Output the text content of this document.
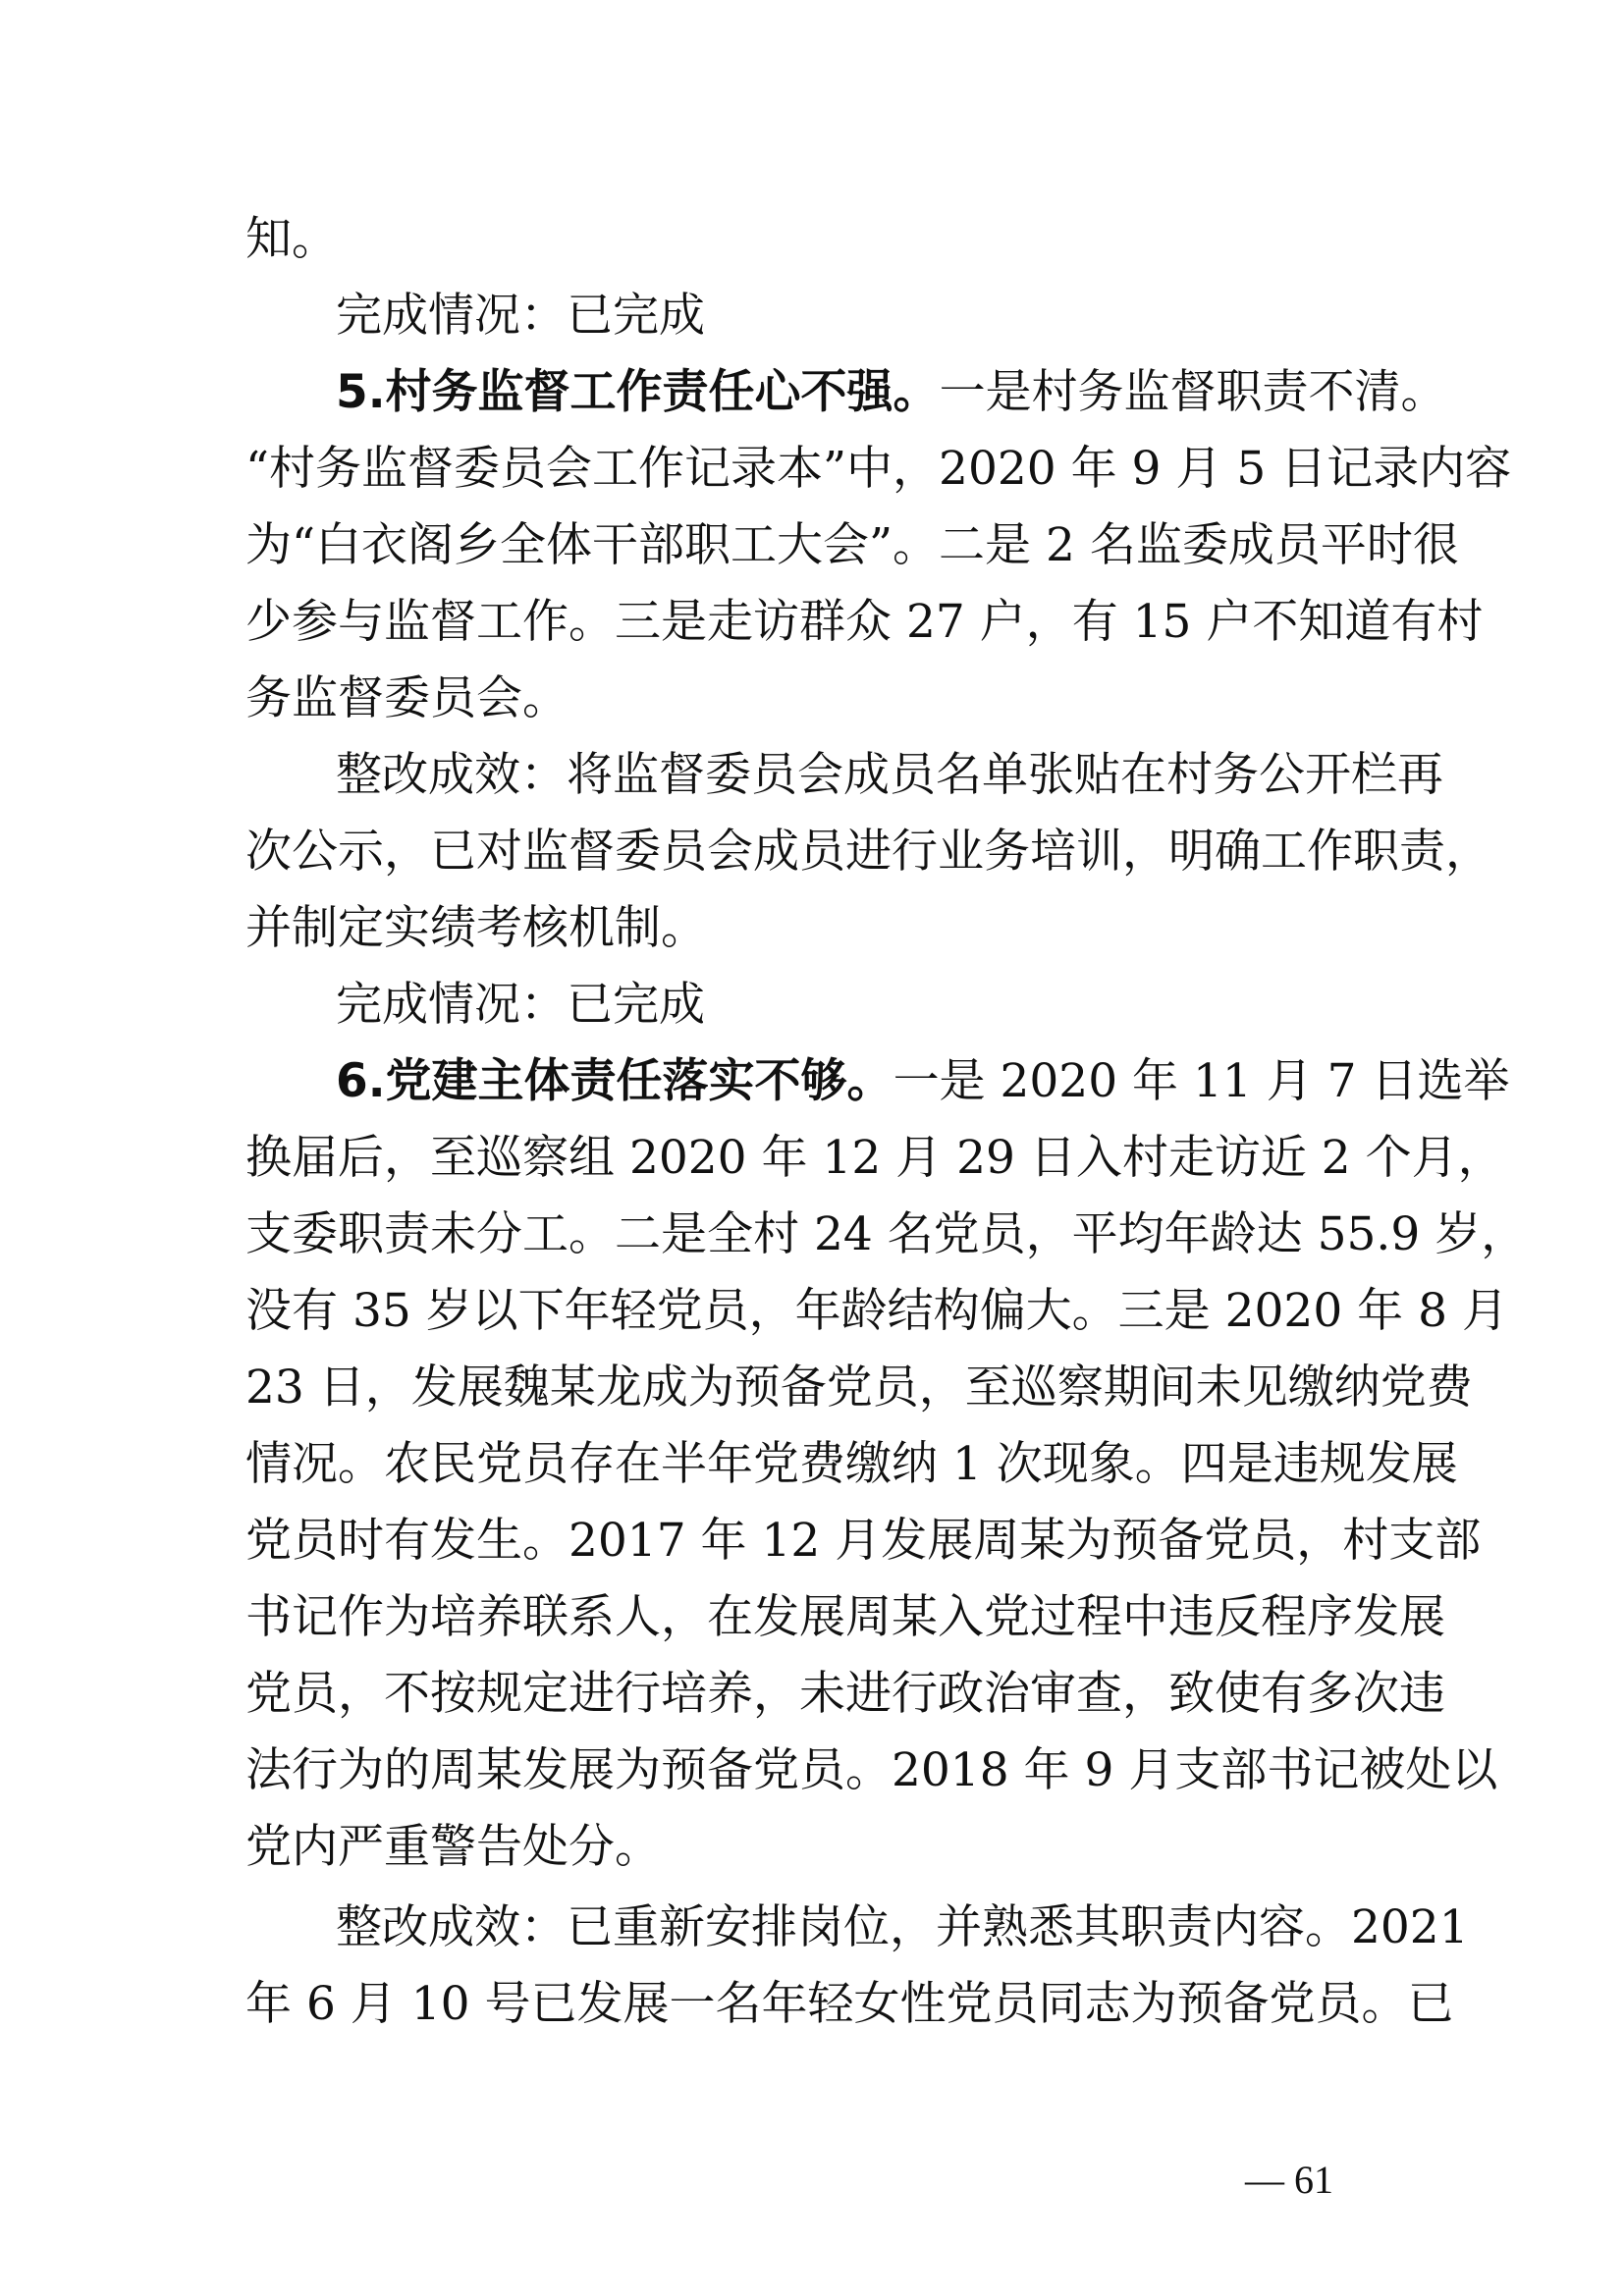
知。
完成情况：已完成
5.村务监督工作责任心不强。一是村务监督职责不清。
“村务监督委员会工作记录本”中，2020 年 9 月 5 日记录内容
为“白衣阁乡全体干部职工大会”。二是 2 名监委成员平时很
少参与监督工作。三是走访群众 27 户，有 15 户不知道有村
务监督委员会。
整改成效：将监督委员会成员名单张贴在村务公开栏再
次公示，已对监督委员会成员进行业务培训，明确工作职责，
并制定实绩考核机制。
完成情况：已完成
6.党建主体责任落实不够。一是 2020 年 11 月 7 日选举
换届后，至巡察组 2020 年 12 月 29 日入村走访近 2 个月，
支委职责未分工。二是全村 24 名党员，平均年龄达 55.9 岁，
没有 35 岁以下年轻党员，年龄结构偏大。三是 2020 年 8 月
23 日，发展魏某龙成为预备党员，至巡察期间未见缴纳党费
情况。农民党员存在半年党费缴纳 1 次现象。四是违规发展
党员时有发生。2017 年 12 月发展周某为预备党员，村支部
书记作为培养联系人，在发展周某入党过程中违反程序发展
党员，不按规定进行培养，未进行政治审查，致使有多次违
法行为的周某发展为预备党员。2018 年 9 月支部书记被处以
党内严重警告处分。
整改成效：已重新安排岗位，并熟悉其职责内容。2021
年 6 月 10 号已发展一名年轻女性党员同志为预备党员。已
— 61
